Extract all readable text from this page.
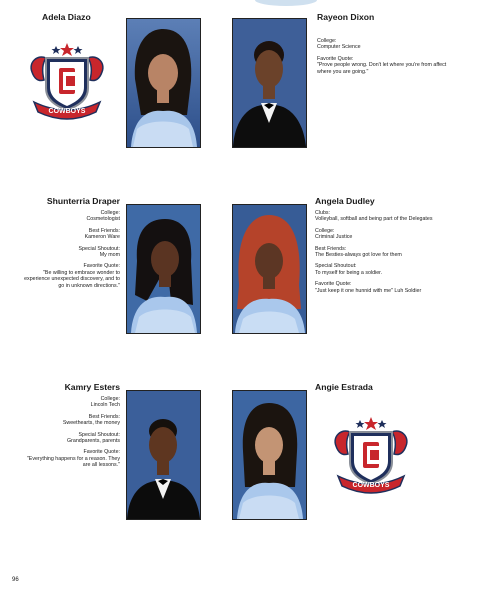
Adela Diazo
COWBOYS
Rayeon Dixon
College:
Computer Science
Favorite Quote:
"Prove people wrong. Don't let where you're from affect where you are going."
Shunterria Draper
College:
Cosmetologist
Best Friends:
Kameron Ware
Special Shoutout:
My mom
Favorite Quote:
"Be willing to embrace wonder to experience unexpected discovery, and to go in unknown directions."
Angela Dudley
Clubs:
Volleyball, softball and being part of the Delegates
College:
Criminal Justice
Best Friends:
The Besties-always got love for them
Special Shoutout:
To myself for being a soldier.
Favorite Quote:
"Just keep it one hunnid with me" Luh Soldier
Kamry Esters
College:
Lincoln Tech
Best Friends:
Sweethearts, the money
Special Shoutout:
Grandparents, parents
Favorite Quote:
"Everything happens for a reason. They are all lessons."
Angie Estrada
COWBOYS
96
